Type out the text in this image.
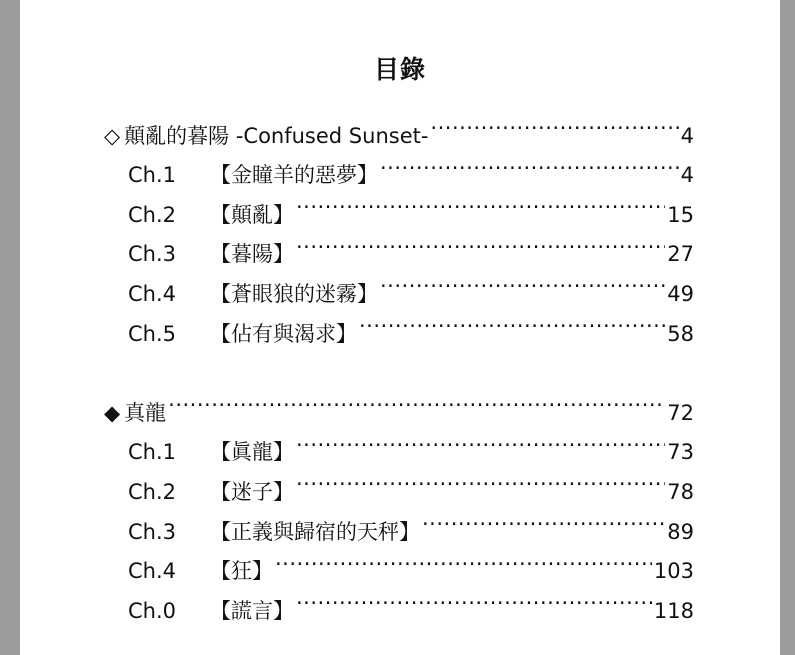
目錄
◇ 顛亂的暮陽 -Confused Sunset- .....	4
Ch.1	【金瞳羊的惡夢】 .....	4
Ch.2	【顛亂】 .....	15
Ch.3	【暮陽】 .....	27
Ch.4	【蒼眼狼的迷霧】 .....	49
Ch.5	【佔有與渴求】 .....	58
◆ 真龍 .....	72
Ch.1	【眞龍】 .....	73
Ch.2	【迷子】 .....	78
Ch.3	【正義與歸宿的天秤】 .....	89
Ch.4	【狂】 .....	103
Ch.0	【謊言】 .....	118
